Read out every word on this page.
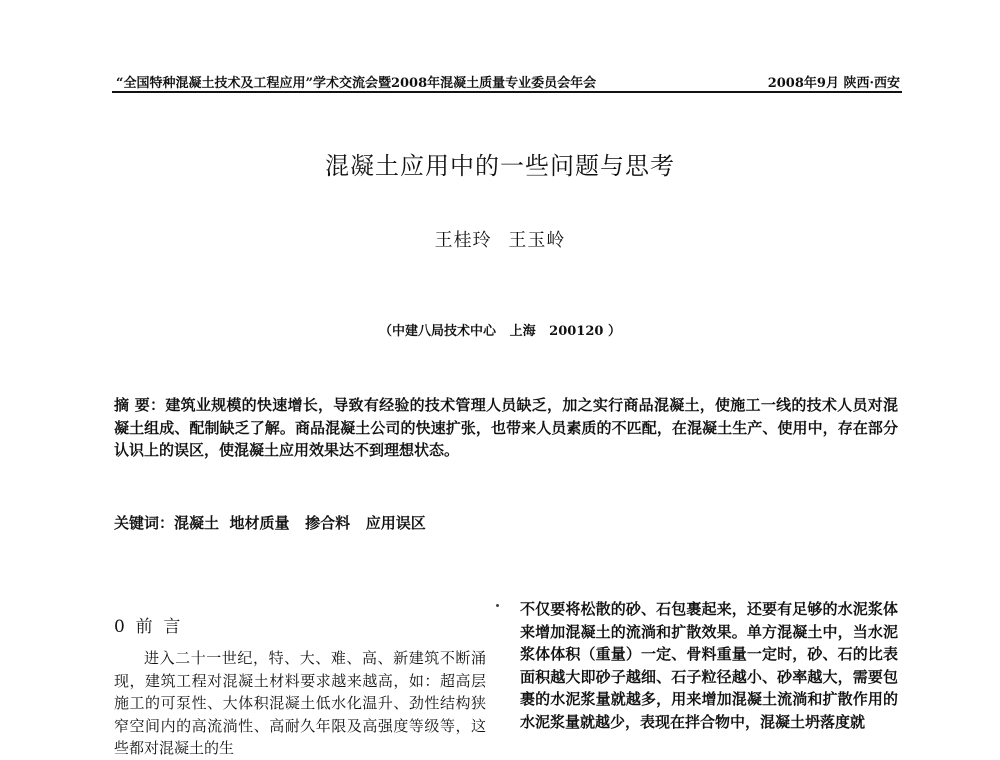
“全国特种混凝土技术及工程应用”学术交流会暨2008年混凝土质量专业委员会年会	2008年9月 陕西·西安
混凝土应用中的一些问题与思考
王桂玲 王玉岭
（中建八局技术中心   上海   200120 ）
摘 要：建筑业规模的快速增长，导致有经验的技术管理人员缺乏，加之实行商品混凝土，使施工一线的技术人员对混凝土组成、配制缺乏了解。商品混凝土公司的快速扩张，也带来人员素质的不匹配，在混凝土生产、使用中，存在部分认识上的误区，使混凝土应用效果达不到理想状态。
关键词：混凝土  地材质量   掺合料   应用误区
0  前  言
进入二十一世纪，特、大、难、高、新建筑不断涌现，建筑工程对混凝土材料要求越来越高，如：超高层施工的可泵性、大体积混凝土低水化温升、劲性结构狭窄空间内的高流淌性、高耐久年限及高强度等级等，这些都对混凝土的生
不仅要将松散的砂、石包裹起来，还要有足够的水泥浆体来增加混凝土的流淌和扩散效果。单方混凝土中，当水泥浆体体积（重量）一定、骨料重量一定时，砂、石的比表面积越大即砂子越细、石子粒径越小、砂率越大，需要包裹的水泥浆量就越多，用来增加混凝土流淌和扩散作用的水泥浆量就越少，表现在拌合物中，混凝土坍落度就
